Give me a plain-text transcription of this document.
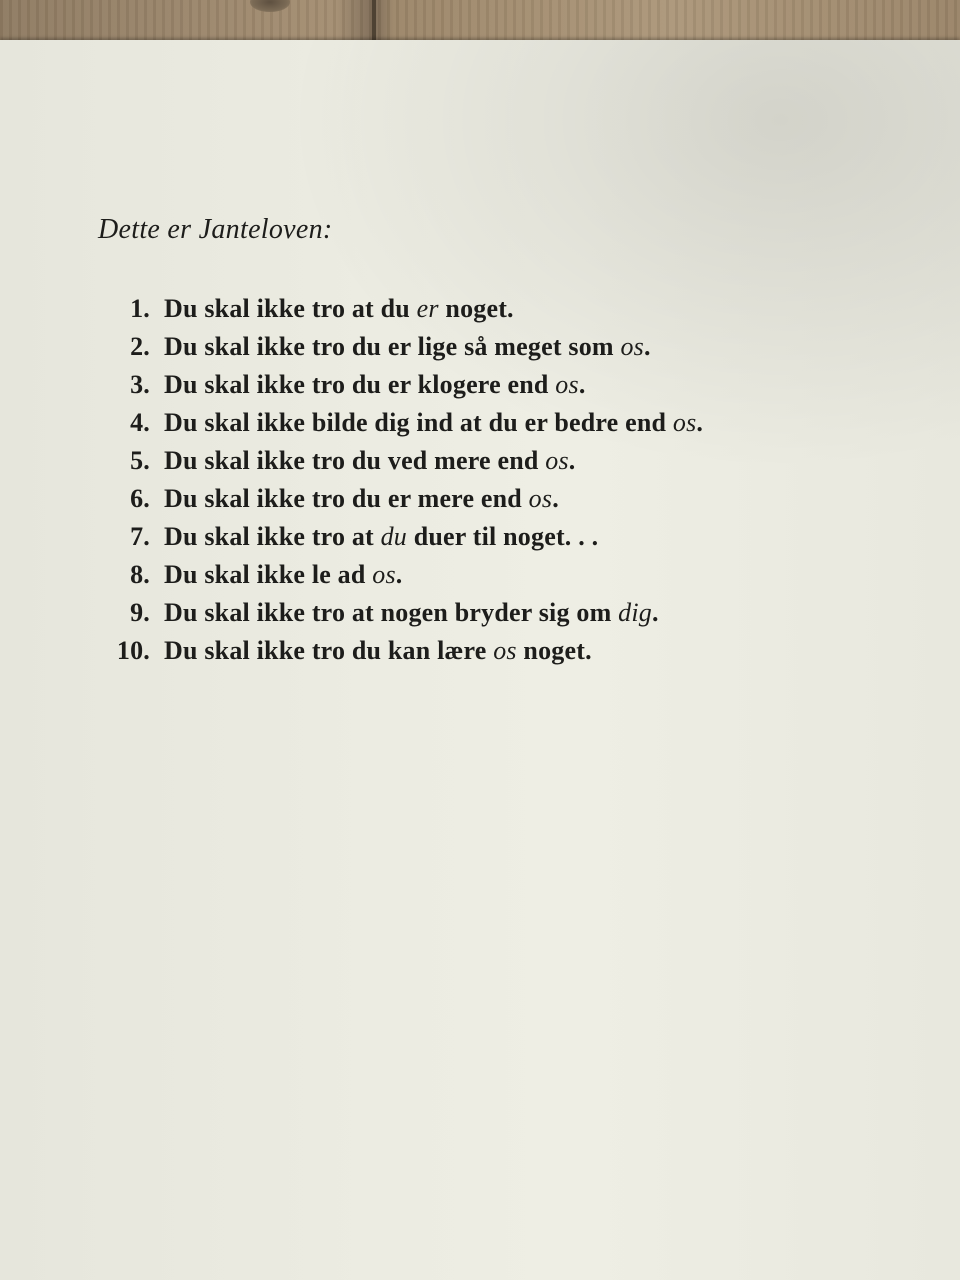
Dette er Janteloven:

1. Du skal ikke tro at du er noget.
2. Du skal ikke tro du er lige så meget som os.
3. Du skal ikke tro du er klogere end os.
4. Du skal ikke bilde dig ind at du er bedre end os.
5. Du skal ikke tro du ved mere end os.
6. Du skal ikke tro du er mere end os.
7. Du skal ikke tro at du duer til noget. . .
8. Du skal ikke le ad os.
9. Du skal ikke tro at nogen bryder sig om dig.
10. Du skal ikke tro du kan lære os noget.
